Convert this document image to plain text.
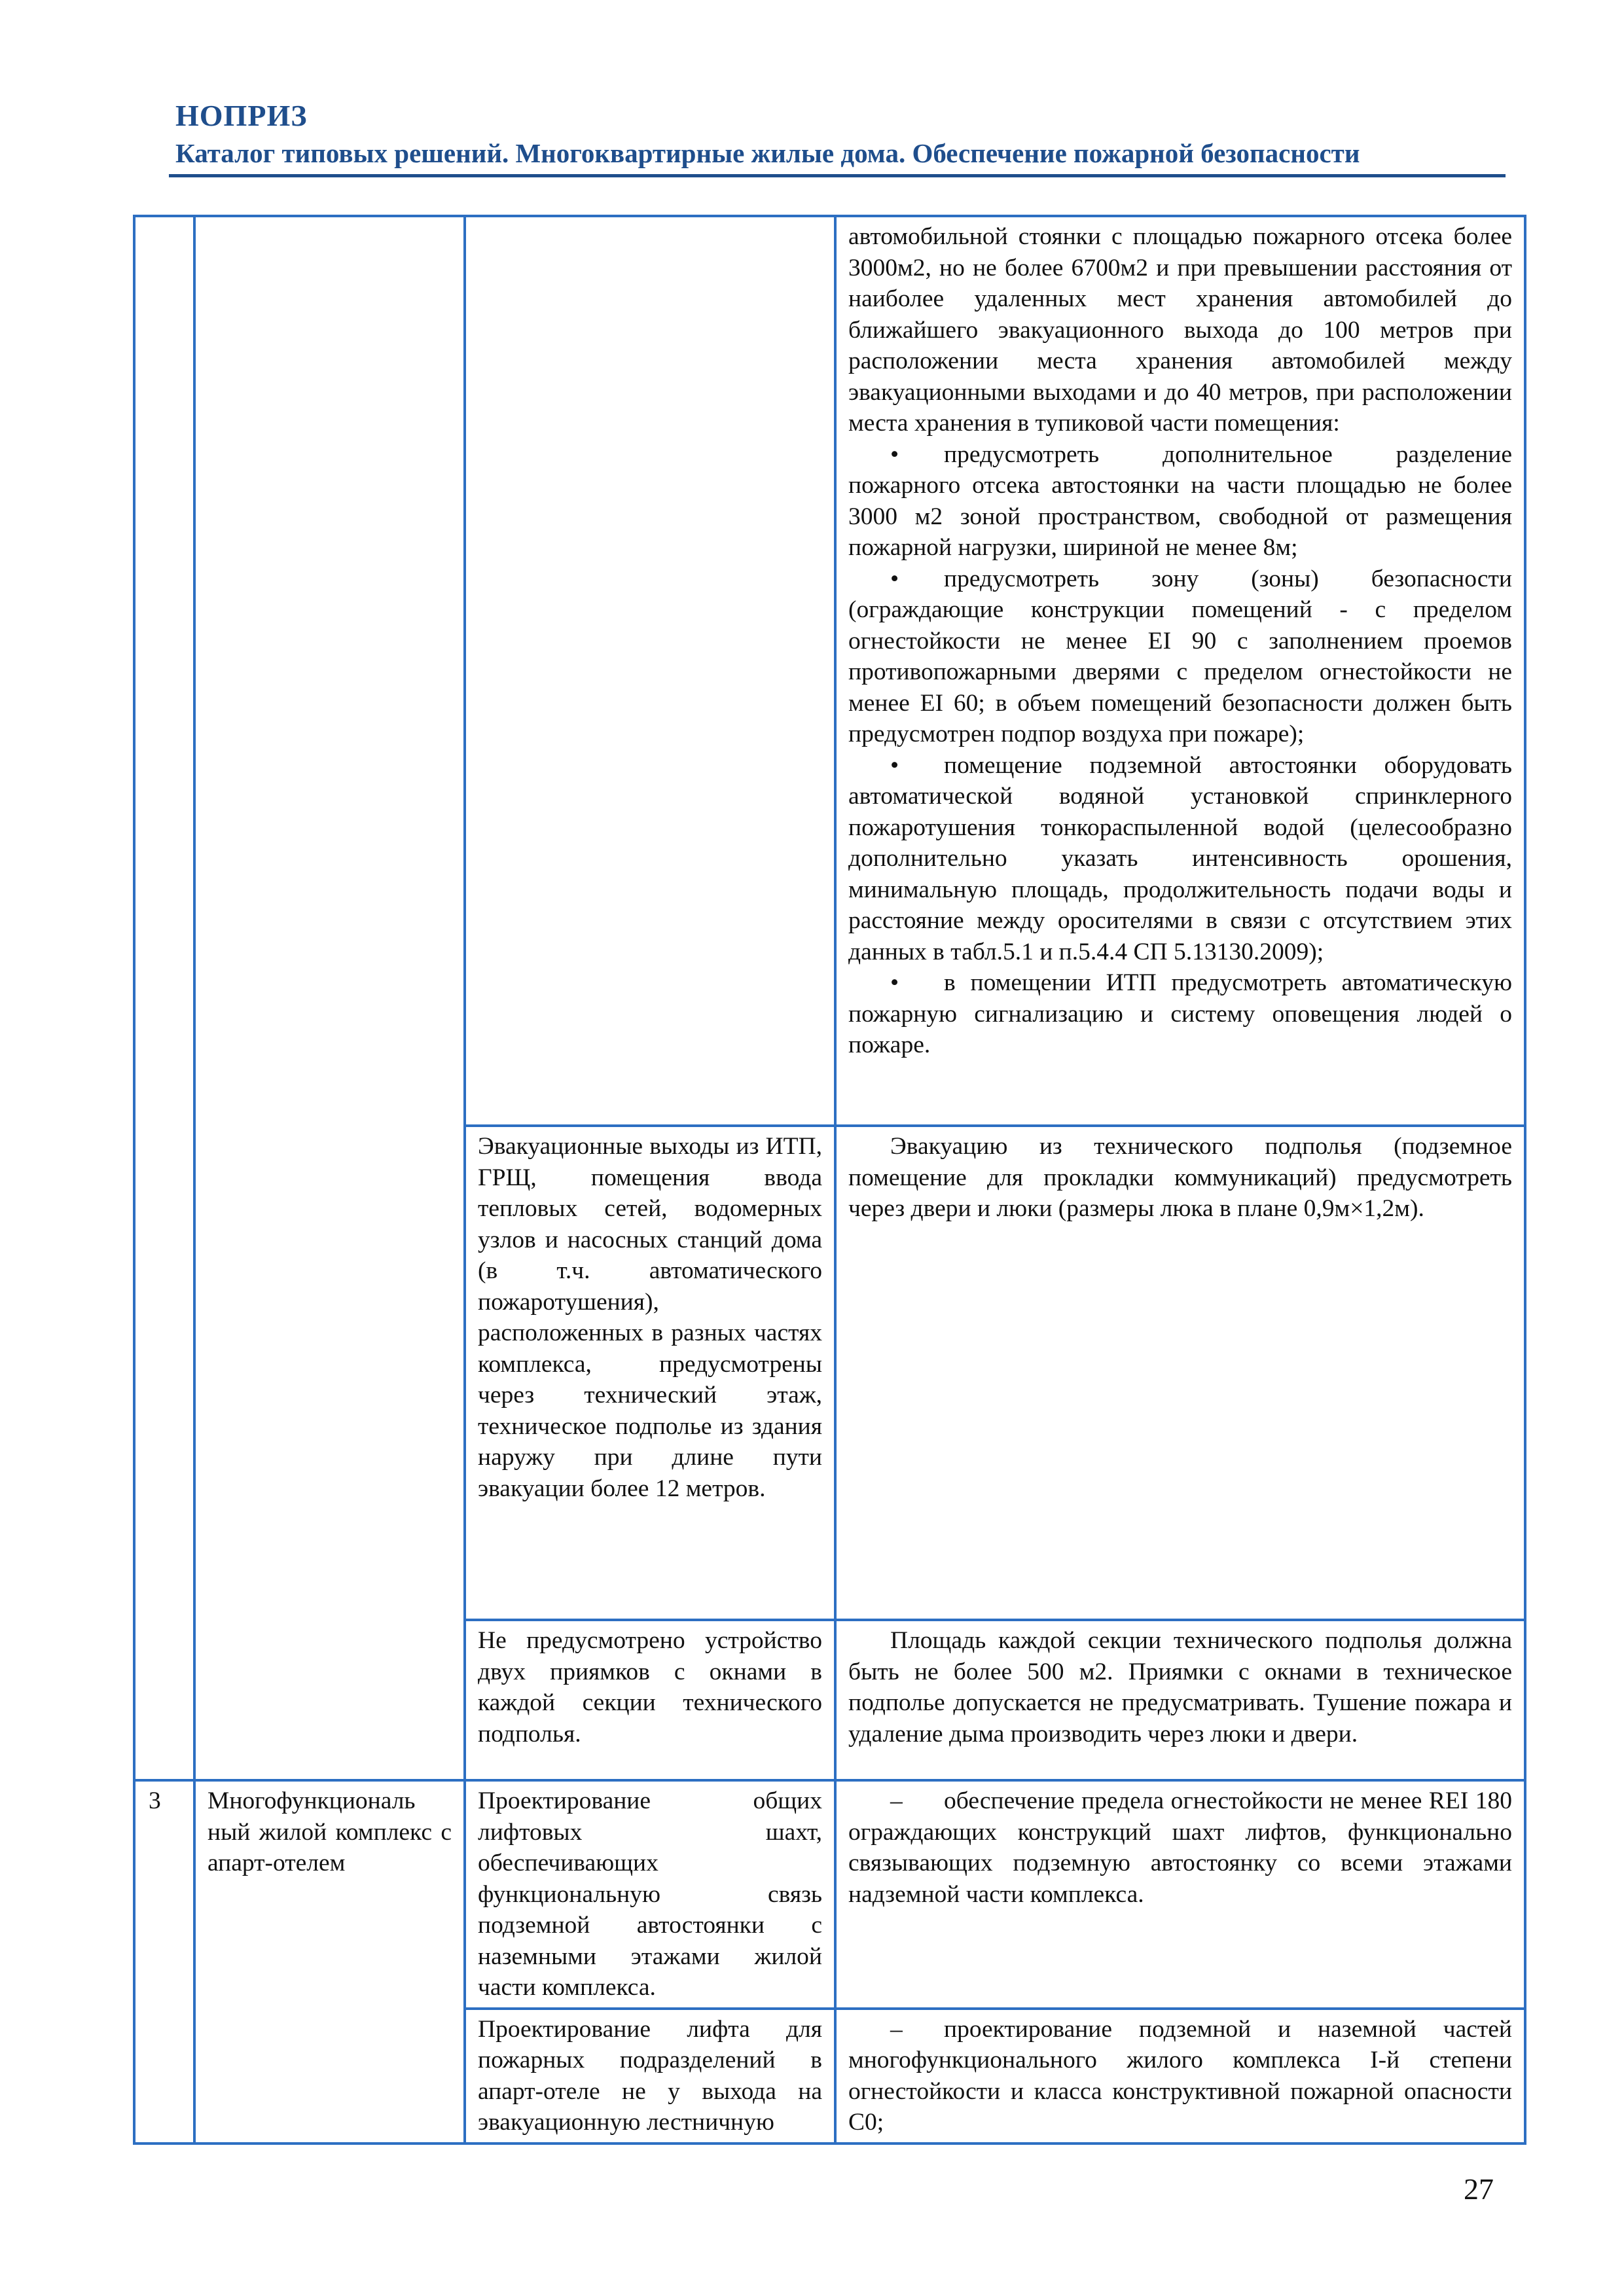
НОПРИЗ
Каталог типовых решений. Многоквартирные жилые дома. Обеспечение пожарной безопасности

			автомобильной стоянки с площадью пожарного отсека более 3000м2, но не более 6700м2 и при превышении расстояния от наиболее удаленных мест хранения автомобилей до ближайшего эвакуационного выхода до 100 метров при расположении места хранения автомобилей между эвакуационными выходами и до 40 метров, при расположении места хранения в тупиковой части помещения:

• предусмотреть дополнительное разделение пожарного отсека автостоянки на части площадью не более 3000 м2 зоной пространством, свободной от размещения пожарной нагрузки, шириной не менее 8м;

• предусмотреть зону (зоны) безопасности (ограждающие конструкции помещений - с пределом огнестойкости не менее EI 90 с заполнением проемов противопожарными дверями с пределом огнестойкости не менее EI 60; в объем помещений безопасности должен быть предусмотрен подпор воздуха при пожаре);

• помещение подземной автостоянки оборудовать автоматической водяной установкой спринклерного пожаротушения тонкораспыленной водой (целесообразно дополнительно указать интенсивность орошения, минимальную площадь, продолжительность подачи воды и расстояние между оросителями в связи с отсутствием этих данных в табл.5.1 и п.5.4.4 СП 5.13130.2009);

• в помещении ИТП предусмотреть автоматическую пожарную сигнализацию и систему оповещения людей о пожаре.

		Эвакуационные выходы из ИТП, ГРЩ, помещения ввода тепловых сетей, водомерных узлов и насосных станций дома (в т.ч. автоматического пожаротушения), расположенных в разных частях комплекса, предусмотрены через технический этаж, техническое подполье из здания наружу при длине пути эвакуации более 12 метров.	Эвакуацию из технического подполья (подземное помещение для прокладки коммуникаций) предусмотреть через двери и люки (размеры люка в плане 0,9м×1,2м).

		Не предусмотрено устройство двух приямков с окнами в каждой секции технического подполья.	Площадь каждой секции технического подполья должна быть не более 500 м2. Приямки с окнами в техническое подполье допускается не предусматривать. Тушение пожара и удаление дыма производить через люки и двери.

3	Многофункциональ ный жилой комплекс с апарт-отелем	Проектирование общих лифтовых шахт, обеспечивающих функциональную связь подземной автостоянки с наземными этажами жилой части комплекса.	– обеспечение предела огнестойкости не менее REI 180 ограждающих конструкций шахт лифтов, функционально связывающих подземную автостоянку со всеми этажами надземной части комплекса.

		Проектирование лифта для пожарных подразделений в апарт-отеле не у выхода на эвакуационную лестничную	– проектирование подземной и наземной частей многофункционального жилого комплекса I-й степени огнестойкости и класса конструктивной пожарной опасности С0;

27
